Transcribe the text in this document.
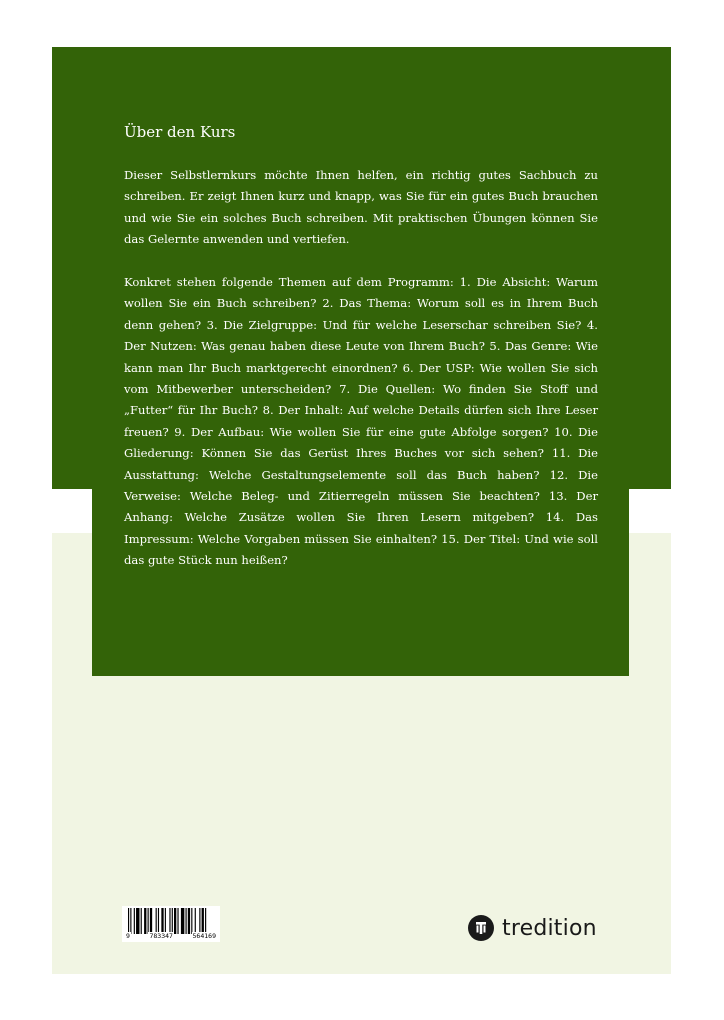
Über den Kurs

Dieser Selbstlernkurs möchte Ihnen helfen, ein richtig gutes Sachbuch zu schreiben. Er zeigt Ihnen kurz und knapp, was Sie für ein gutes Buch brauchen und wie Sie ein solches Buch schreiben. Mit praktischen Übungen können Sie das Gelernte anwenden und vertiefen.

Konkret stehen folgende Themen auf dem Programm: 1. Die Absicht: Warum wollen Sie ein Buch schreiben? 2. Das Thema: Worum soll es in Ihrem Buch denn gehen? 3. Die Zielgruppe: Und für welche Leserschar schreiben Sie? 4. Der Nutzen: Was genau haben diese Leute von Ihrem Buch? 5. Das Genre: Wie kann man Ihr Buch marktgerecht einordnen? 6. Der USP: Wie wollen Sie sich vom Mitbewerber unterscheiden? 7. Die Quellen: Wo finden Sie Stoff und „Futter“ für Ihr Buch? 8. Der Inhalt: Auf welche Details dürfen sich Ihre Leser freuen? 9. Der Aufbau: Wie wollen Sie für eine gute Abfolge sorgen? 10. Die Gliederung: Können Sie das Gerüst Ihres Buches vor sich sehen? 11. Die Ausstattung: Welche Gestaltungselemente soll das Buch haben? 12. Die Verweise: Welche Beleg- und Zitierregeln müssen Sie beachten? 13. Der Anhang: Welche Zusätze wollen Sie Ihren Lesern mitgeben? 14. Das Impressum: Welche Vorgaben müssen Sie einhalten? 15. Der Titel: Und wie soll das gute Stück nun heißen?

9	783347	564169	tredition
